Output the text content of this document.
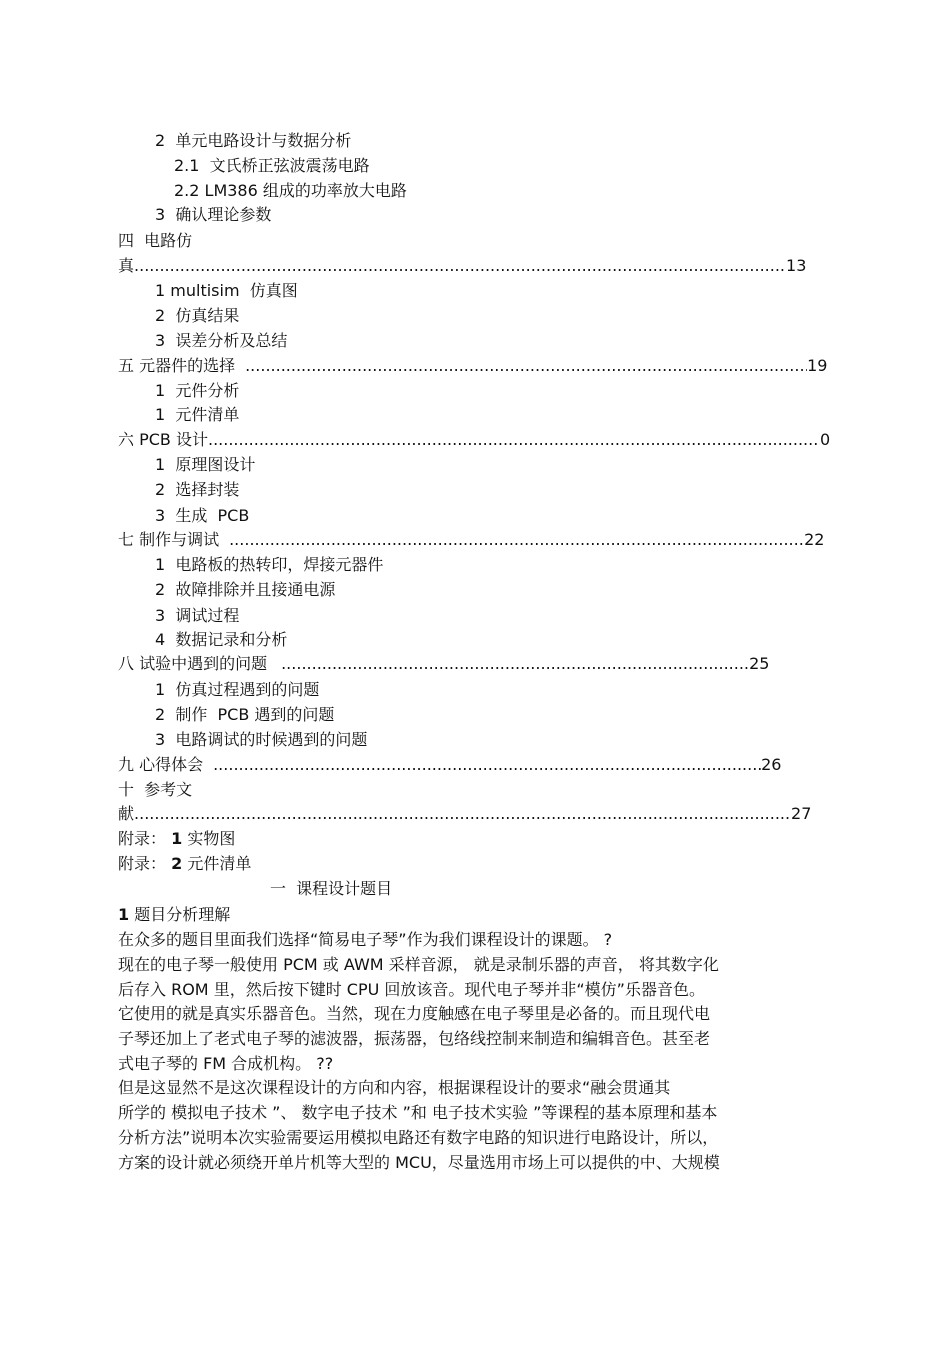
2  单元电路设计与数据分析
2.1  文氏桥正弦波震荡电路
2.2 LM386 组成的功率放大电路
3  确认理论参数
四  电路仿
真 .....	13
1 multisim  仿真图
2  仿真结果
3  误差分析及总结
五 元器件的选择 .....	19
1  元件分析
1  元件清单
六 PCB 设计 .....	0
1  原理图设计
2  选择封装
3  生成  PCB
七 制作与调试 .....	22
1  电路板的热转印，焊接元器件
2  故障排除并且接通电源
3  调试过程
4  数据记录和分析
八 试验中遇到的问题 .....	25
1  仿真过程遇到的问题
2  制作  PCB 遇到的问题
3  电路调试的时候遇到的问题
九 心得体会 .....	26
十  参考文
献 .....	27
附录： 1 实物图
附录： 2 元件清单
一  课程设计题目
1 题目分析理解
在众多的题目里面我们选择“简易电子琴”作为我们课程设计的课题。 ?
现在的电子琴一般使用 PCM 或 AWM 采样音源， 就是录制乐器的声音， 将其数字化
后存入 ROM 里，然后按下键时 CPU 回放该音。现代电子琴并非“模仿”乐器音色。
它使用的就是真实乐器音色。当然，现在力度触感在电子琴里是必备的。而且现代电
子琴还加上了老式电子琴的滤波器，振荡器，包络线控制来制造和编辑音色。甚至老
式电子琴的 FM 合成机构。 ??
但是这显然不是这次课程设计的方向和内容，根据课程设计的要求“融会贯通其
所学的 模拟电子技术 ”、 数字电子技术 ”和 电子技术实验 ”等课程的基本原理和基本
分析方法”说明本次实验需要运用模拟电路还有数字电路的知识进行电路设计，所以，
方案的设计就必须绕开单片机等大型的 MCU，尽量选用市场上可以提供的中、大规模
